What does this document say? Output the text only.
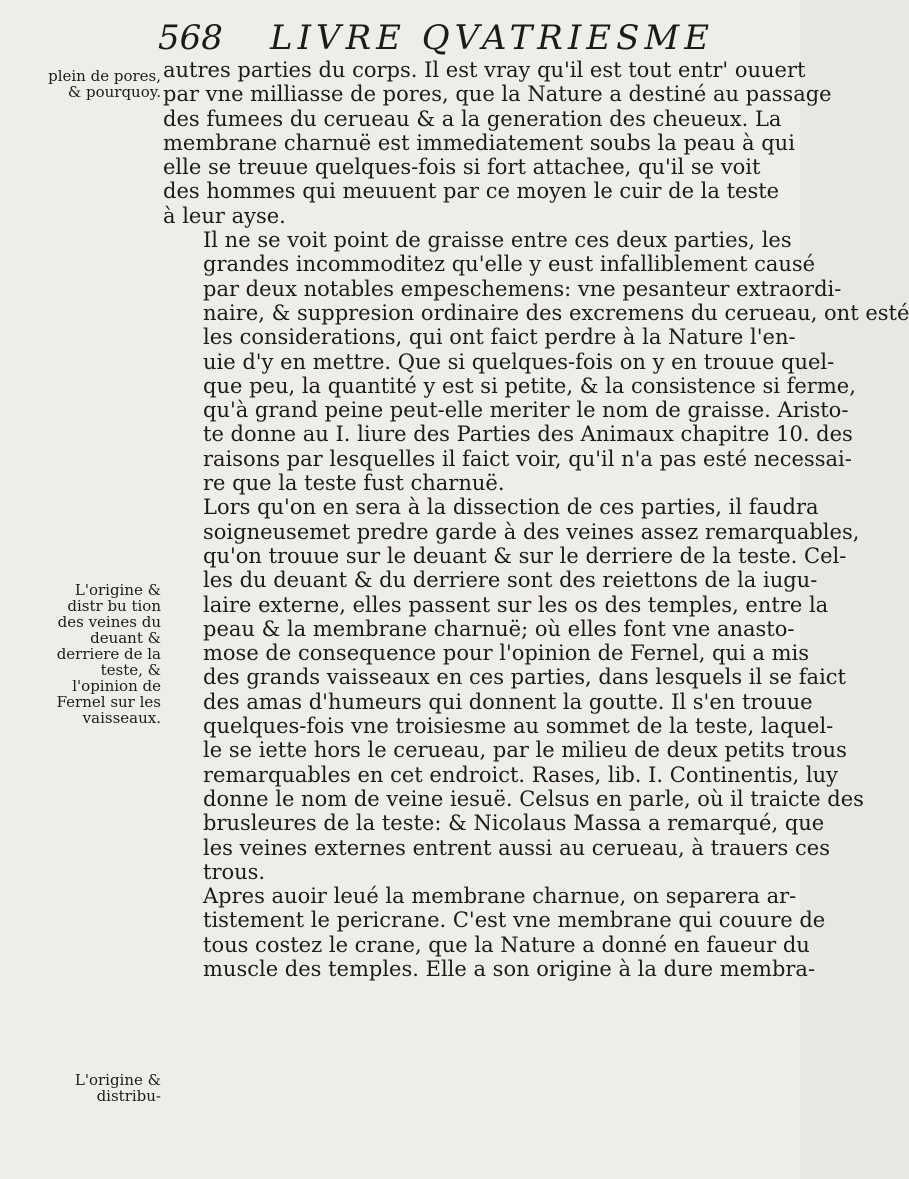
568 LIVRE QVATRIESME
plein de pores, & pourquoy.
L'origine & distr bu tion des veines du deuant & derriere de la teste, & l'opinion de Fernel sur les vaisseaux.
L'origine & distribu-

autres parties du corps. Il est vray qu'il est tout entr' ouuert
par vne milliasse de pores, que la Nature a destiné au passage
des fumees du cerueau & a la generation des cheueux. La
membrane charnuë est immediatement soubs la peau à qui
elle se treuue quelques-fois si fort attachee, qu'il se voit
des hommes qui meuuent par ce moyen le cuir de la teste
à leur ayse.

Il ne se voit point de graisse entre ces deux parties, les
grandes incommoditez qu'elle y eust infalliblement causé
par deux notables empeschemens: vne pesanteur extraordi-
naire, & suppresion ordinaire des excremens du cerueau, ont esté
les considerations, qui ont faict perdre à la Nature l'en-
uie d'y en mettre. Que si quelques-fois on y en trouue quel-
que peu, la quantité y est si petite, & la consistence si ferme,
qu'à grand peine peut-elle meriter le nom de graisse. Aristo-
te donne au I. liure des Parties des Animaux chapitre 10. des
raisons par lesquelles il faict voir, qu'il n'a pas esté necessai-
re que la teste fust charnuë.

Lors qu'on en sera à la dissection de ces parties, il faudra
soigneusemet predre garde à des veines assez remarquables,
qu'on trouue sur le deuant & sur le derriere de la teste. Cel-
les du deuant & du derriere sont des reiettons de la iugu-
laire externe, elles passent sur les os des temples, entre la
peau & la membrane charnuë; où elles font vne anasto-
mose de consequence pour l'opinion de Fernel, qui a mis
des grands vaisseaux en ces parties, dans lesquels il se faict
des amas d'humeurs qui donnent la goutte. Il s'en trouue
quelques-fois vne troisiesme au sommet de la teste, laquel-
le se iette hors le cerueau, par le milieu de deux petits trous
remarquables en cet endroict. Rases, lib. I. Continentis, luy
donne le nom de veine iesuë. Celsus en parle, où il traicte des
brusleures de la teste: & Nicolaus Massa a remarqué, que
les veines externes entrent aussi au cerueau, à trauers ces
trous.

Apres auoir leué la membrane charnue, on separera ar-
tistement le pericrane. C'est vne membrane qui couure de
tous costez le crane, que la Nature a donné en faueur du
muscle des temples. Elle a son origine à la dure membra-
